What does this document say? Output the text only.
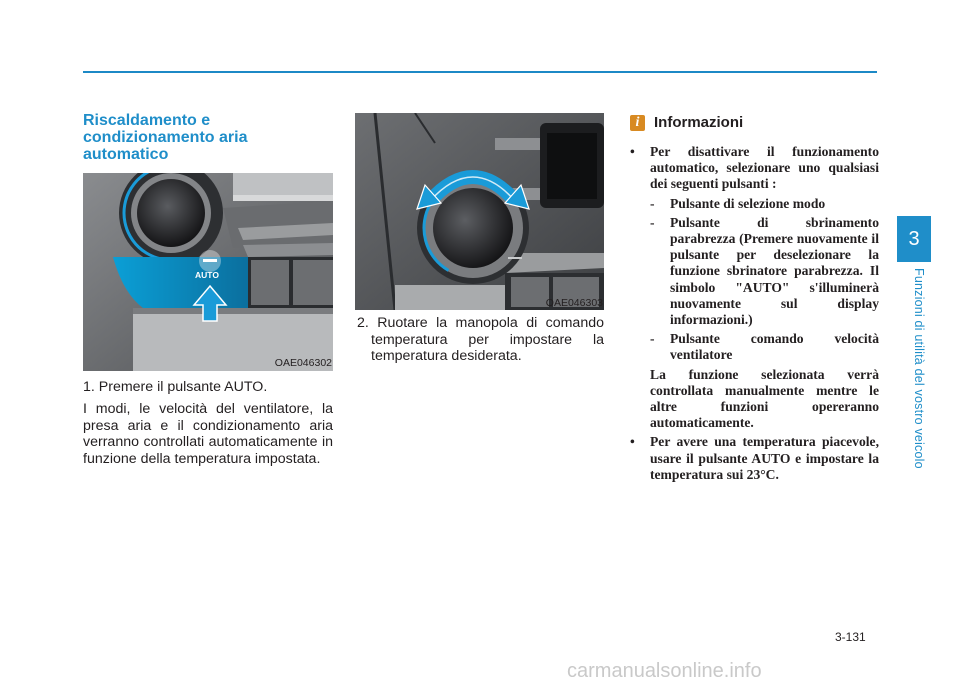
Riscaldamento e
condizionamento aria
automatico
AUTO
OAE046302
OAE046303
1. Premere il pulsante AUTO.
I modi, le velocità del ventilatore, la presa aria e il condizionamento aria verranno controllati automaticamente in funzione della temperatura impostata.
2. Ruotare la manopola di comando temperatura per impostare la temperatura desiderata.
i Informazioni
• Per disattivare il funzionamento automatico, selezionare uno qualsiasi dei seguenti pulsanti :
- Pulsante di selezione modo
- Pulsante di sbrinamento parabrezza (Premere nuovamente il pulsante per deselezionare la funzione sbrinatore parabrezza. Il simbolo "AUTO" s'illuminerà nuovamente sul display informazioni.)
- Pulsante comando velocità ventilatore
La funzione selezionata verrà controllata manualmente mentre le altre funzioni opereranno automaticamente.
• Per avere una temperatura piacevole, usare il pulsante AUTO e impostare la temperatura sui 23°C.
3
Funzioni di utilità del vostro veicolo
3-131
carmanualsonline.info
